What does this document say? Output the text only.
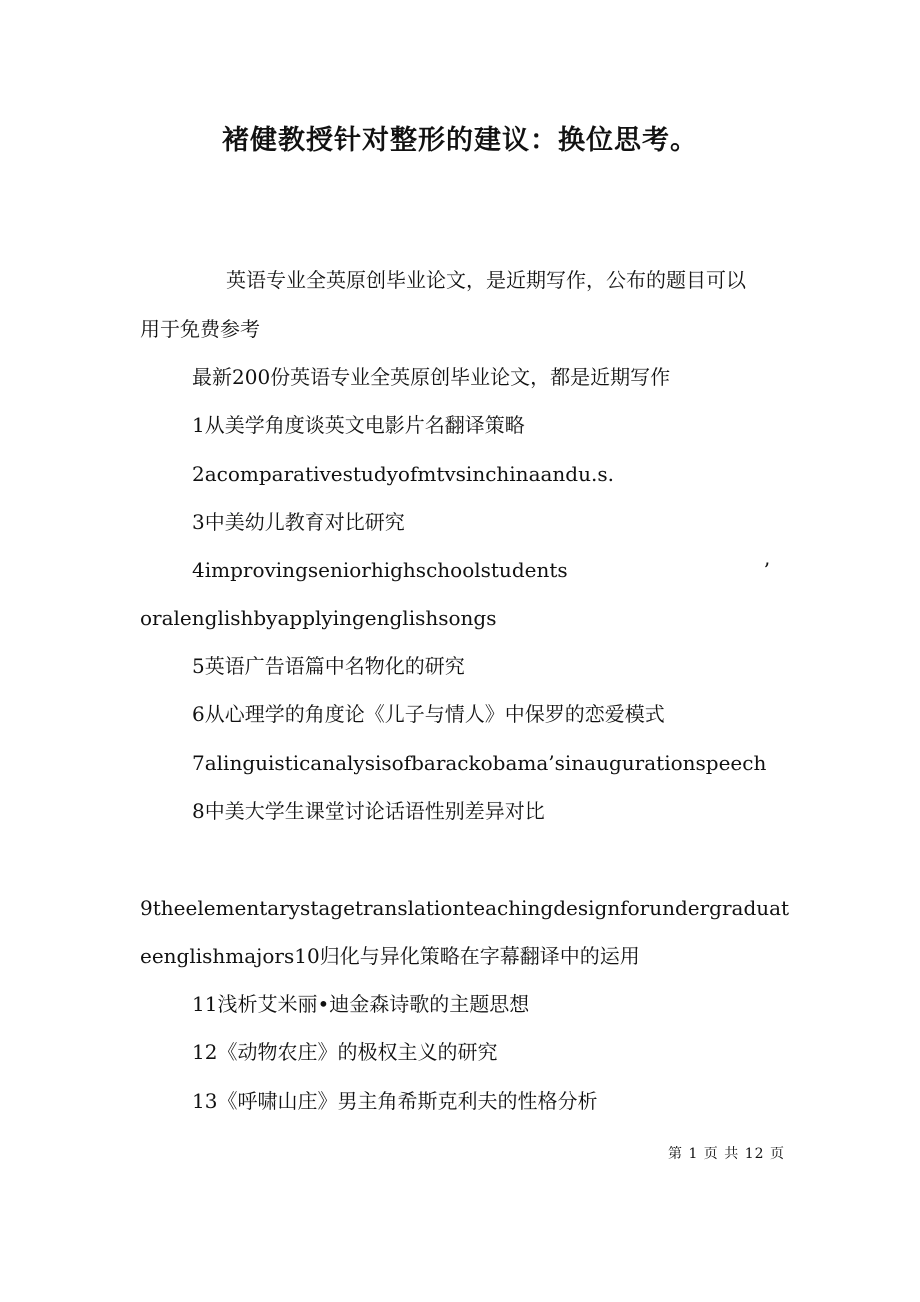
褚健教授针对整形的建议：换位思考。
英语专业全英原创毕业论文，是近期写作，公布的题目可以
用于免费参考
最新200份英语专业全英原创毕业论文，都是近期写作
1从美学角度谈英文电影片名翻译策略
2acomparativestudyofmtvsinchinaandu.s.
3中美幼儿教育对比研究
4improvingseniorhighschoolstudents	’
oralenglishbyapplyingenglishsongs
5英语广告语篇中名物化的研究
6从心理学的角度论《儿子与情人》中保罗的恋爱模式
7alinguisticanalysisofbarackobama’sinaugurationspeech
8中美大学生课堂讨论话语性别差异对比
9theelementarystagetranslationteachingdesignforundergraduat
eenglishmajors10归化与异化策略在字幕翻译中的运用
11浅析艾米丽•迪金森诗歌的主题思想
12《动物农庄》的极权主义的研究
13《呼啸山庄》男主角希斯克利夫的性格分析
第 1 页 共 12 页
